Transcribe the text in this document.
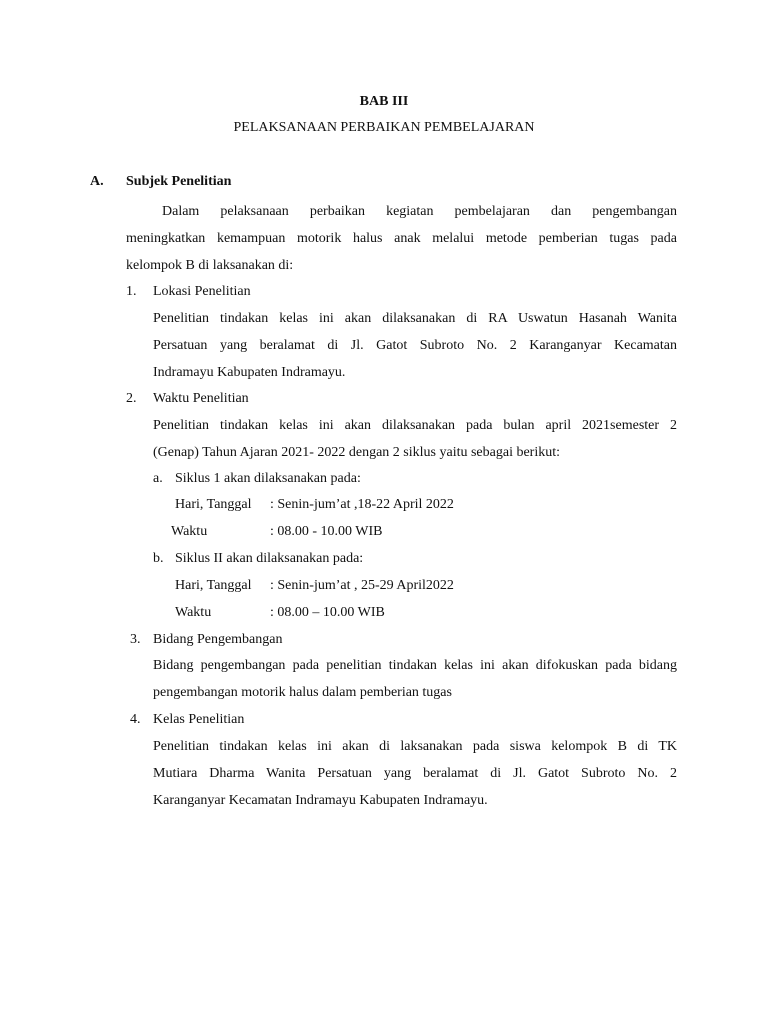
BAB III
PELAKSANAAN PERBAIKAN PEMBELAJARAN
A. Subjek Penelitian
Dalam pelaksanaan perbaikan kegiatan pembelajaran dan pengembangan
meningkatkan kemampuan motorik halus anak melalui metode pemberian tugas pada
kelompok B di laksanakan di:
1. Lokasi Penelitian
Penelitian tindakan kelas ini akan dilaksanakan di RA Uswatun Hasanah Wanita
Persatuan yang beralamat di Jl. Gatot Subroto No. 2 Karanganyar Kecamatan
Indramayu Kabupaten Indramayu.
2. Waktu Penelitian
Penelitian tindakan kelas ini akan dilaksanakan pada bulan april 2021semester 2
(Genap) Tahun Ajaran 2021- 2022 dengan 2 siklus yaitu sebagai berikut:
a. Siklus 1 akan dilaksanakan pada:
Hari, Tanggal : Senin-jum’at ,18-22 April 2022
Waktu	: 08.00 - 10.00 WIB
b. Siklus II akan dilaksanakan pada:
Hari, Tanggal : Senin-jum’at , 25-29 April2022
Waktu	: 08.00 – 10.00 WIB
3. Bidang Pengembangan
Bidang pengembangan pada penelitian tindakan kelas ini akan difokuskan pada bidang
pengembangan motorik halus dalam pemberian tugas
4. Kelas Penelitian
Penelitian tindakan kelas ini akan di laksanakan pada siswa kelompok B di TK
Mutiara Dharma Wanita Persatuan yang beralamat di Jl. Gatot Subroto No. 2
Karanganyar Kecamatan Indramayu Kabupaten Indramayu.
